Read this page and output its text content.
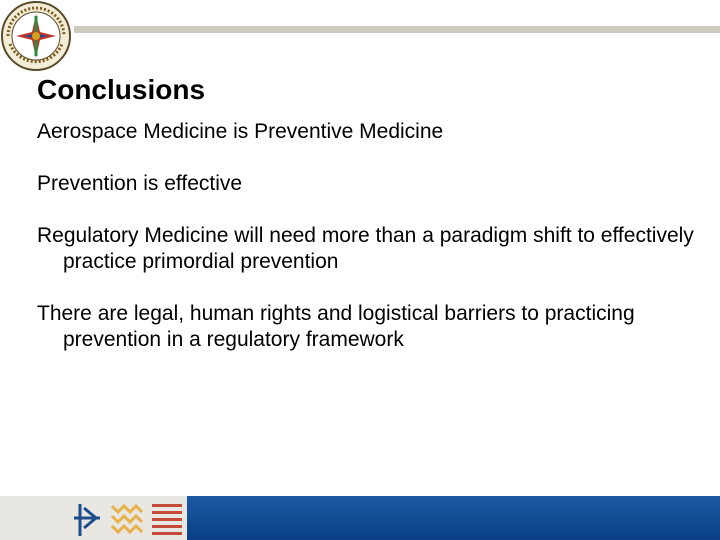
Conclusions
Aerospace Medicine is Preventive Medicine
Prevention is effective
Regulatory Medicine will need more than a paradigm shift to effectively practice primordial prevention
There are legal, human rights and logistical barriers to practicing prevention in a regulatory framework
